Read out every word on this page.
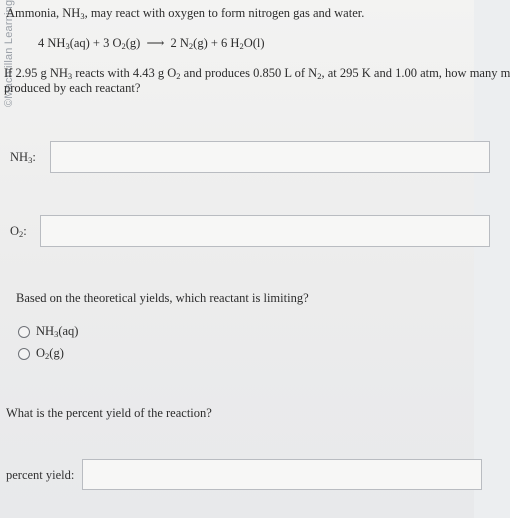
©Macmillan Learning
Ammonia, $NH_3$, may react with oxygen to form nitrogen gas and water.
4 $NH_3(aq) + 3$ $O_2(g)$ ⟶ 2 $N_2(g) + 6$ $H_2O(l)$
If 2.95 g $NH_3$ reacts with 4.43 g $O_2$ and produces 0.850 L of $N_2$, at 295 K and 1.00 atm, how many m
produced by each reactant?
$NH_3$:
$O_2$:
Based on the theoretical yields, which reactant is limiting?
$NH_3(aq)$
$O_2(g)$
What is the percent yield of the reaction?
percent yield:
